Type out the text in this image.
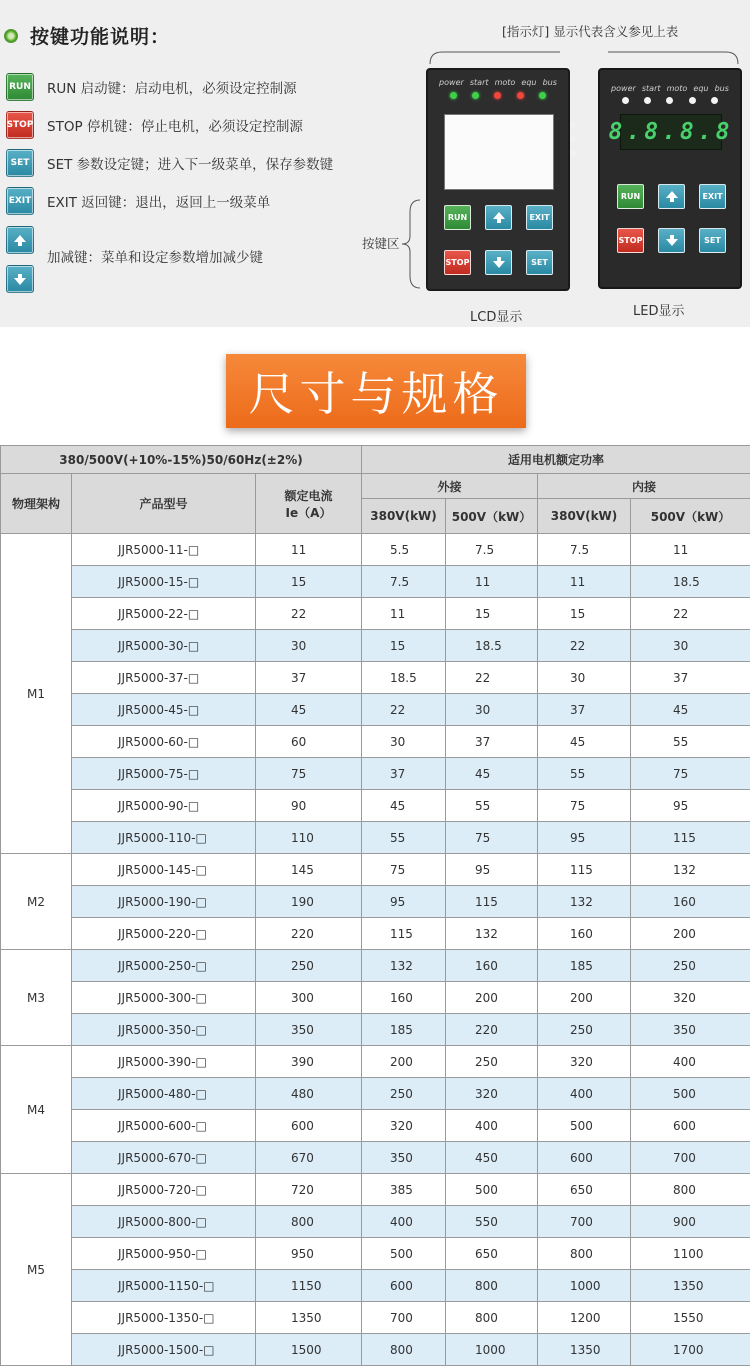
按键功能说明：
RUN RUN 启动键：启动电机，必须设定控制源
STOP STOP 停机键：停止电机，必须设定控制源
SET	SET 参数设定键；进入下一级菜单，保存参数键
EXIT EXIT 返回键：退出，返回上一级菜单
加减键：菜单和设定参数增加减少键
[指示灯] 显示代表含义参见上表
按键区
power start moto equ bus
RUN	EXIT
STOP	SET
LCD显示
power start moto equ bus
8.8.8.8
RUN	EXIT
STOP	SET
LED显示
尺寸与规格
380/500V(+10%-15%)50/60Hz(±2%)			适用电机额定功率			
物理架构	产品型号	额定电流
Ie（A）	外接		内接	
			380V(kW)	500V（kW）	380V(kW)	500V（kW）
M1	JJR5000-11-□	11	5.5	7.5	7.5	11
	JJR5000-15-□	15	7.5	11	11	18.5
	JJR5000-22-□	22	11	15	15	22
	JJR5000-30-□	30	15	18.5	22	30
	JJR5000-37-□	37	18.5	22	30	37
	JJR5000-45-□	45	22	30	37	45
	JJR5000-60-□	60	30	37	45	55
	JJR5000-75-□	75	37	45	55	75
	JJR5000-90-□	90	45	55	75	95
	JJR5000-110-□	110	55	75	95	115
M2	JJR5000-145-□	145	75	95	115	132
	JJR5000-190-□	190	95	115	132	160
	JJR5000-220-□	220	115	132	160	200
M3	JJR5000-250-□	250	132	160	185	250
	JJR5000-300-□	300	160	200	200	320
	JJR5000-350-□	350	185	220	250	350
M4	JJR5000-390-□	390	200	250	320	400
	JJR5000-480-□	480	250	320	400	500
	JJR5000-600-□	600	320	400	500	600
	JJR5000-670-□	670	350	450	600	700
M5	JJR5000-720-□	720	385	500	650	800
	JJR5000-800-□	800	400	550	700	900
	JJR5000-950-□	950	500	650	800	1100
	JJR5000-1150-□	1150	600	800	1000	1350
	JJR5000-1350-□	1350	700	800	1200	1550
	JJR5000-1500-□	1500	800	1000	1350	1700
